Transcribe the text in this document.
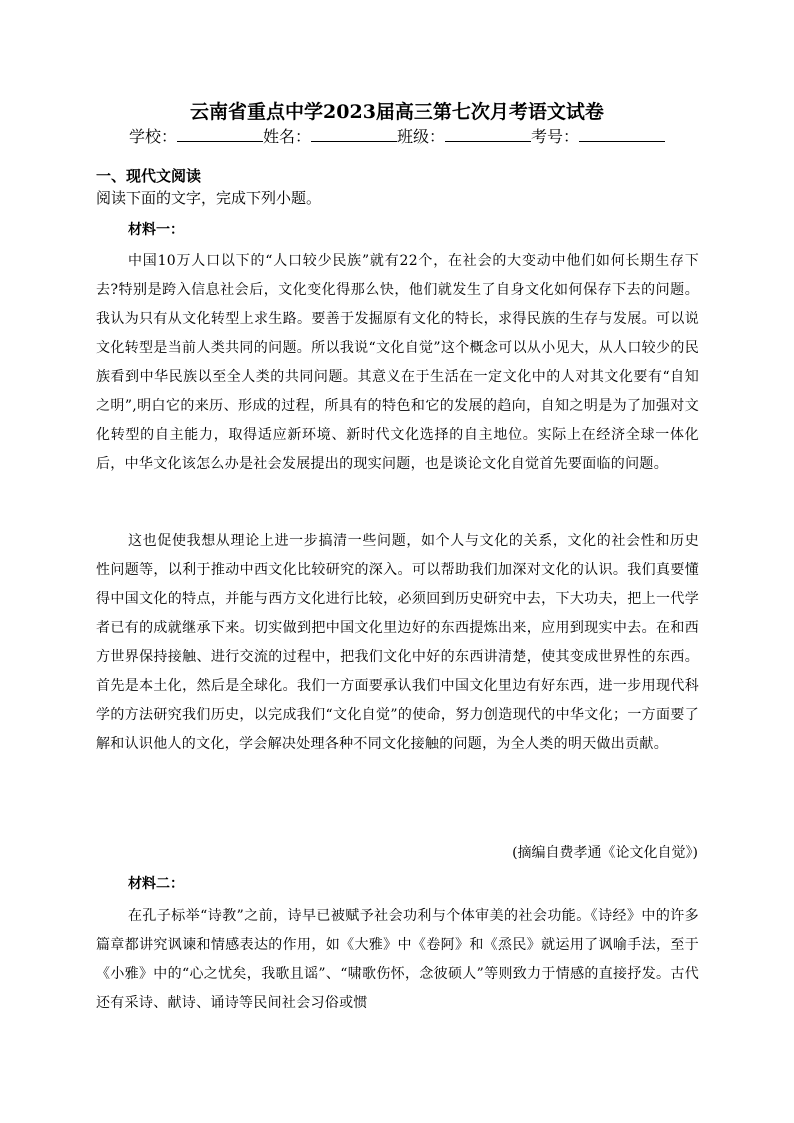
云南省重点中学2023届高三第七次月考语文试卷
学校：	姓名：	班级：	考号：
一、现代文阅读
阅读下面的文字，完成下列小题。
材料一：

中国10万人口以下的“人口较少民族”就有22个，在社会的大变动中他们如何长期生存下去?特别是跨入信息社会后，文化变化得那么快，他们就发生了自身文化如何保存下去的问题。我认为只有从文化转型上求生路。要善于发掘原有文化的特长，求得民族的生存与发展。可以说文化转型是当前人类共同的问题。所以我说“文化自觉”这个概念可以从小见大，从人口较少的民族看到中华民族以至全人类的共同问题。其意义在于生活在一定文化中的人对其文化要有“自知之明”,明白它的来历、形成的过程，所具有的特色和它的发展的趋向，自知之明是为了加强对文化转型的自主能力，取得适应新环境、新时代文化选择的自主地位。实际上在经济全球一体化后，中华文化该怎么办是社会发展提出的现实问题，也是谈论文化自觉首先要面临的问题。

这也促使我想从理论上进一步搞清一些问题，如个人与文化的关系，文化的社会性和历史性问题等，以利于推动中西文化比较研究的深入。可以帮助我们加深对文化的认识。我们真要懂得中国文化的特点，并能与西方文化进行比较，必须回到历史研究中去，下大功夫，把上一代学者已有的成就继承下来。切实做到把中国文化里边好的东西提炼出来，应用到现实中去。在和西方世界保持接触、进行交流的过程中，把我们文化中好的东西讲清楚，使其变成世界性的东西。首先是本土化，然后是全球化。我们一方面要承认我们中国文化里边有好东西，进一步用现代科学的方法研究我们历史，以完成我们“文化自觉”的使命，努力创造现代的中华文化；一方面要了解和认识他人的文化，学会解决处理各种不同文化接触的问题，为全人类的明天做出贡献。

(摘编自费孝通《论文化自觉》)
材料二：

在孔子标举“诗教”之前，诗早已被赋予社会功利与个体审美的社会功能。《诗经》中的许多篇章都讲究讽谏和情感表达的作用，如《大雅》中《卷阿》和《烝民》就运用了讽喻手法，至于《小雅》中的“心之忧矣，我歌且谣”、“啸歌伤怀，念彼硕人”等则致力于情感的直接抒发。古代还有采诗、献诗、诵诗等民间社会习俗或惯
